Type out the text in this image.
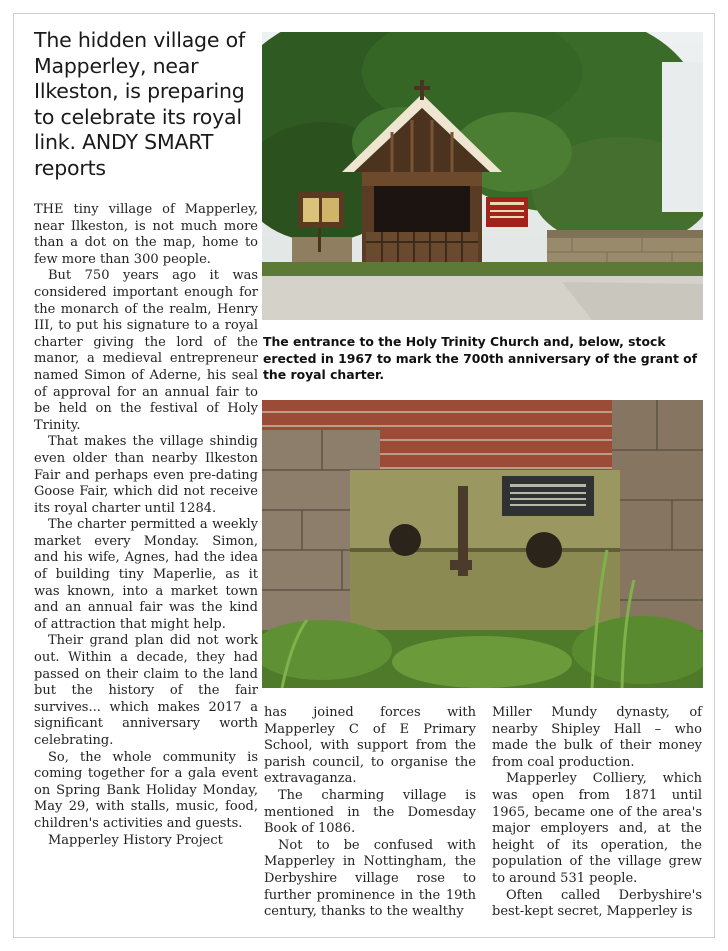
The hidden village of Mapperley, near Ilkeston, is preparing to celebrate its royal link. ANDY SMART reports

THE tiny village of Mapperley, near Ilkeston, is not much more than a dot on the map, home to few more than 300 people.

But 750 years ago it was considered important enough for the monarch of the realm, Henry III, to put his signature to a royal charter giving the lord of the manor, a medieval entrepreneur named Simon of Aderne, his seal of approval for an annual fair to be held on the festival of Holy Trinity.

That makes the village shindig even older than nearby Ilkeston Fair and perhaps even pre-dating Goose Fair, which did not receive its royal charter until 1284.

The charter permitted a weekly market every Monday. Simon, and his wife, Agnes, had the idea of building tiny Maperlie, as it was known, into a market town and an annual fair was the kind of attraction that might help.

Their grand plan did not work out. Within a decade, they had passed on their claim to the land but the history of the fair survives... which makes 2017 a significant anniversary worth celebrating.

So, the whole community is coming together for a gala event on Spring Bank Holiday Monday, May 29, with stalls, music, food, children's activities and guests.

Mapperley History Project

The entrance to the Holy Trinity Church and, below, stock erected in 1967 to mark the 700th anniversary of the grant of the royal charter.

has joined forces with Mapperley C of E Primary School, with support from the parish council, to organise the extravaganza.

The charming village is mentioned in the Domesday Book of 1086.

Not to be confused with Mapperley in Nottingham, the Derbyshire village rose to further prominence in the 19th century, thanks to the wealthy

Miller Mundy dynasty, of nearby Shipley Hall – who made the bulk of their money from coal production.

Mapperley Colliery, which was open from 1871 until 1965, became one of the area's major employers and, at the height of its operation, the population of the village grew to around 531 people.

Often called Derbyshire's best-kept secret, Mapperley is
